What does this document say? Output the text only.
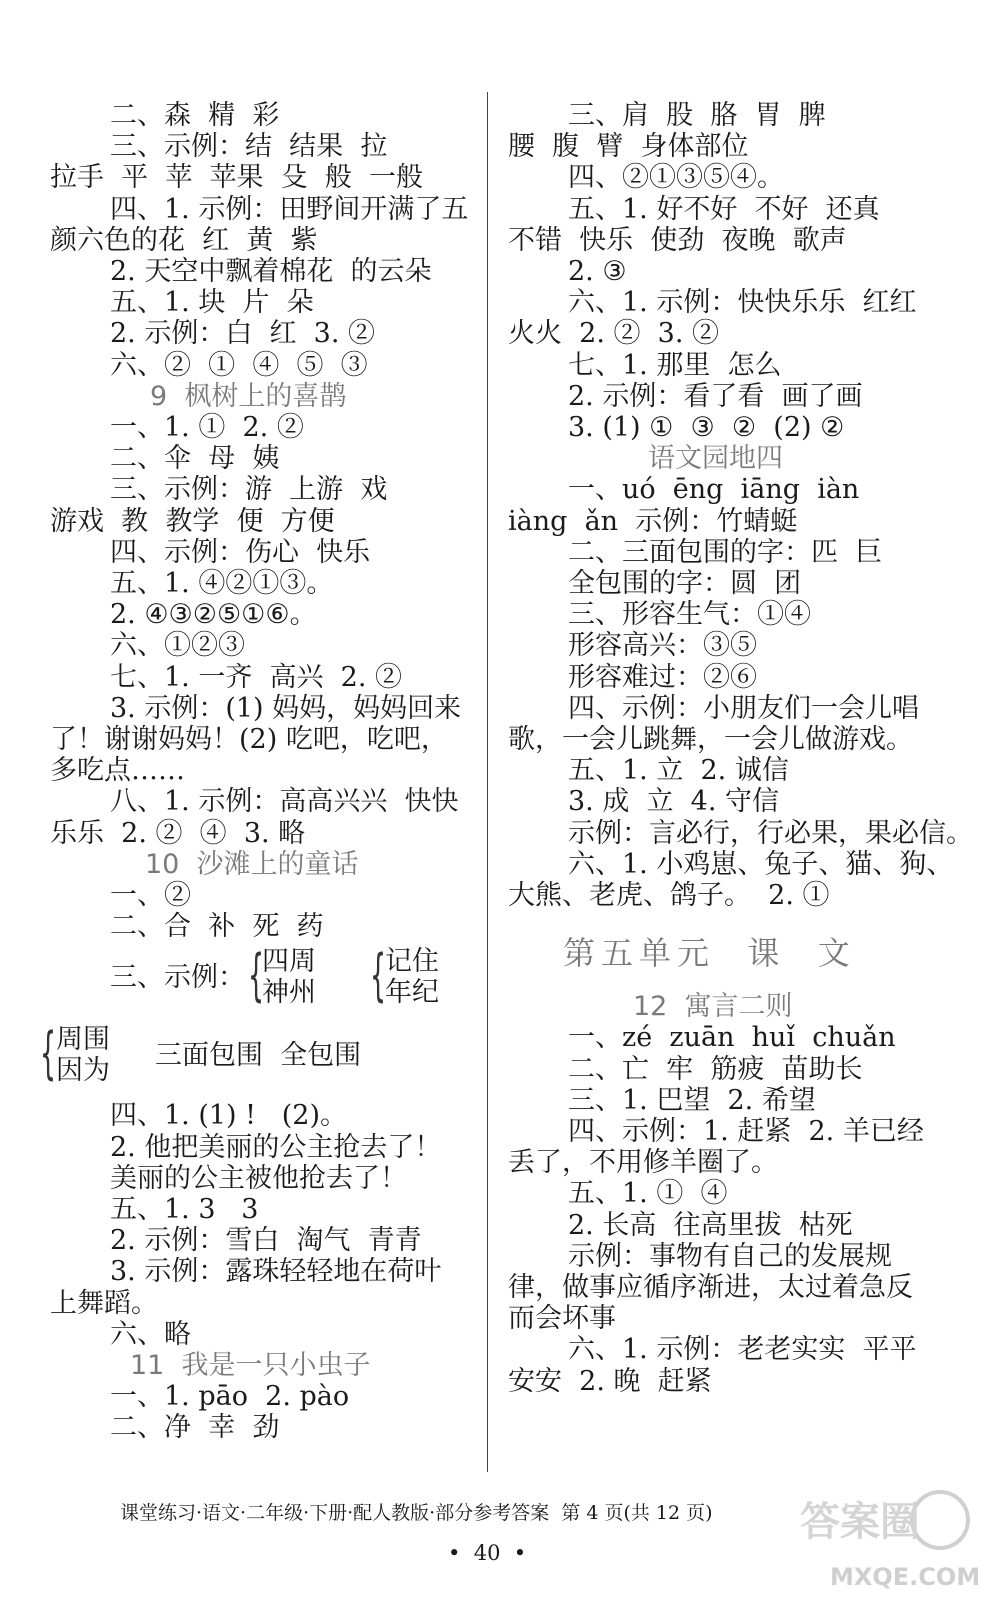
二、森  精  彩
三、示例：结  结果  拉
拉手  平  苹  苹果  殳  般  一般
四、1. 示例：田野间开满了五
颜六色的花  红  黄  紫
2. 天空中飘着棉花  的云朵
五、1. 块  片  朵
2. 示例：白  红  3. ②
六、②  ①  ④  ⑤  ③
9  枫树上的喜鹊
一、1. ①  2. ②
二、伞  母  姨
三、示例：游  上游  戏
游戏  教  教学  便  方便
四、示例：伤心  快乐
五、1. ④②①③。
2. ④③②⑤①⑥。
六、①②③
七、1. 一齐  高兴  2. ②
3. 示例：(1) 妈妈，妈妈回来
了！谢谢妈妈！(2) 吃吧，吃吧，
多吃点……
八、1. 示例：高高兴兴  快快
乐乐  2. ②  ④  3. 略
10  沙滩上的童话
一、②
二、合  补  死  药
三、示例： {
四周
神州 {
记住
年纪
{ 周围
因为 三面包围  全包围
四、1. (1) !   (2)。
2. 他把美丽的公主抢去了！
美丽的公主被他抢去了！
五、1. 3   3
2. 示例：雪白  淘气  青青
3. 示例：露珠轻轻地在荷叶
上舞蹈。
六、略
11  我是一只小虫子
一、1. pāo  2. pào
二、净  幸  劲
三、肩  股  胳  胃  脾
腰  腹  臂  身体部位
四、②①③⑤④。
五、1. 好不好  不好  还真
不错  快乐  使劲  夜晚  歌声
2. ③
六、1. 示例：快快乐乐  红红
火火  2. ②  3. ②
七、1. 那里  怎么
2. 示例：看了看  画了画
3. (1) ①  ③  ②  (2) ②
语文园地四
一、uó  ēng  iāng  iàn
iàng  ǎn  示例：竹蜻蜓
二、三面包围的字：匹  巨
全包围的字：圆  团
三、形容生气：①④
形容高兴：③⑤
形容难过：②⑥
四、示例：小朋友们一会儿唱
歌，一会儿跳舞，一会儿做游戏。
五、1. 立  2. 诚信
3. 成  立  4. 守信
示例：言必行，行必果，果必信。
六、1. 小鸡崽、兔子、猫、狗、
大熊、老虎、鸽子。  2. ①
第五单元  课  文
12  寓言二则
一、zé  zuān  huǐ  chuǎn
二、亡  牢  筋疲  苗助长
三、1. 巴望  2. 希望
四、示例：1. 赶紧  2. 羊已经
丢了，不用修羊圈了。
五、1. ①  ④
2. 长高  往高里拔  枯死
示例：事物有自己的发展规
律，做事应循序渐进，太过着急反
而会坏事
六、1. 示例：老老实实  平平
安安  2. 晚  赶紧
课堂练习·语文·二年级·下册·配人教版·部分参考答案  第 4 页(共 12 页)
•  40  •
答案圈
MXQE.COM
